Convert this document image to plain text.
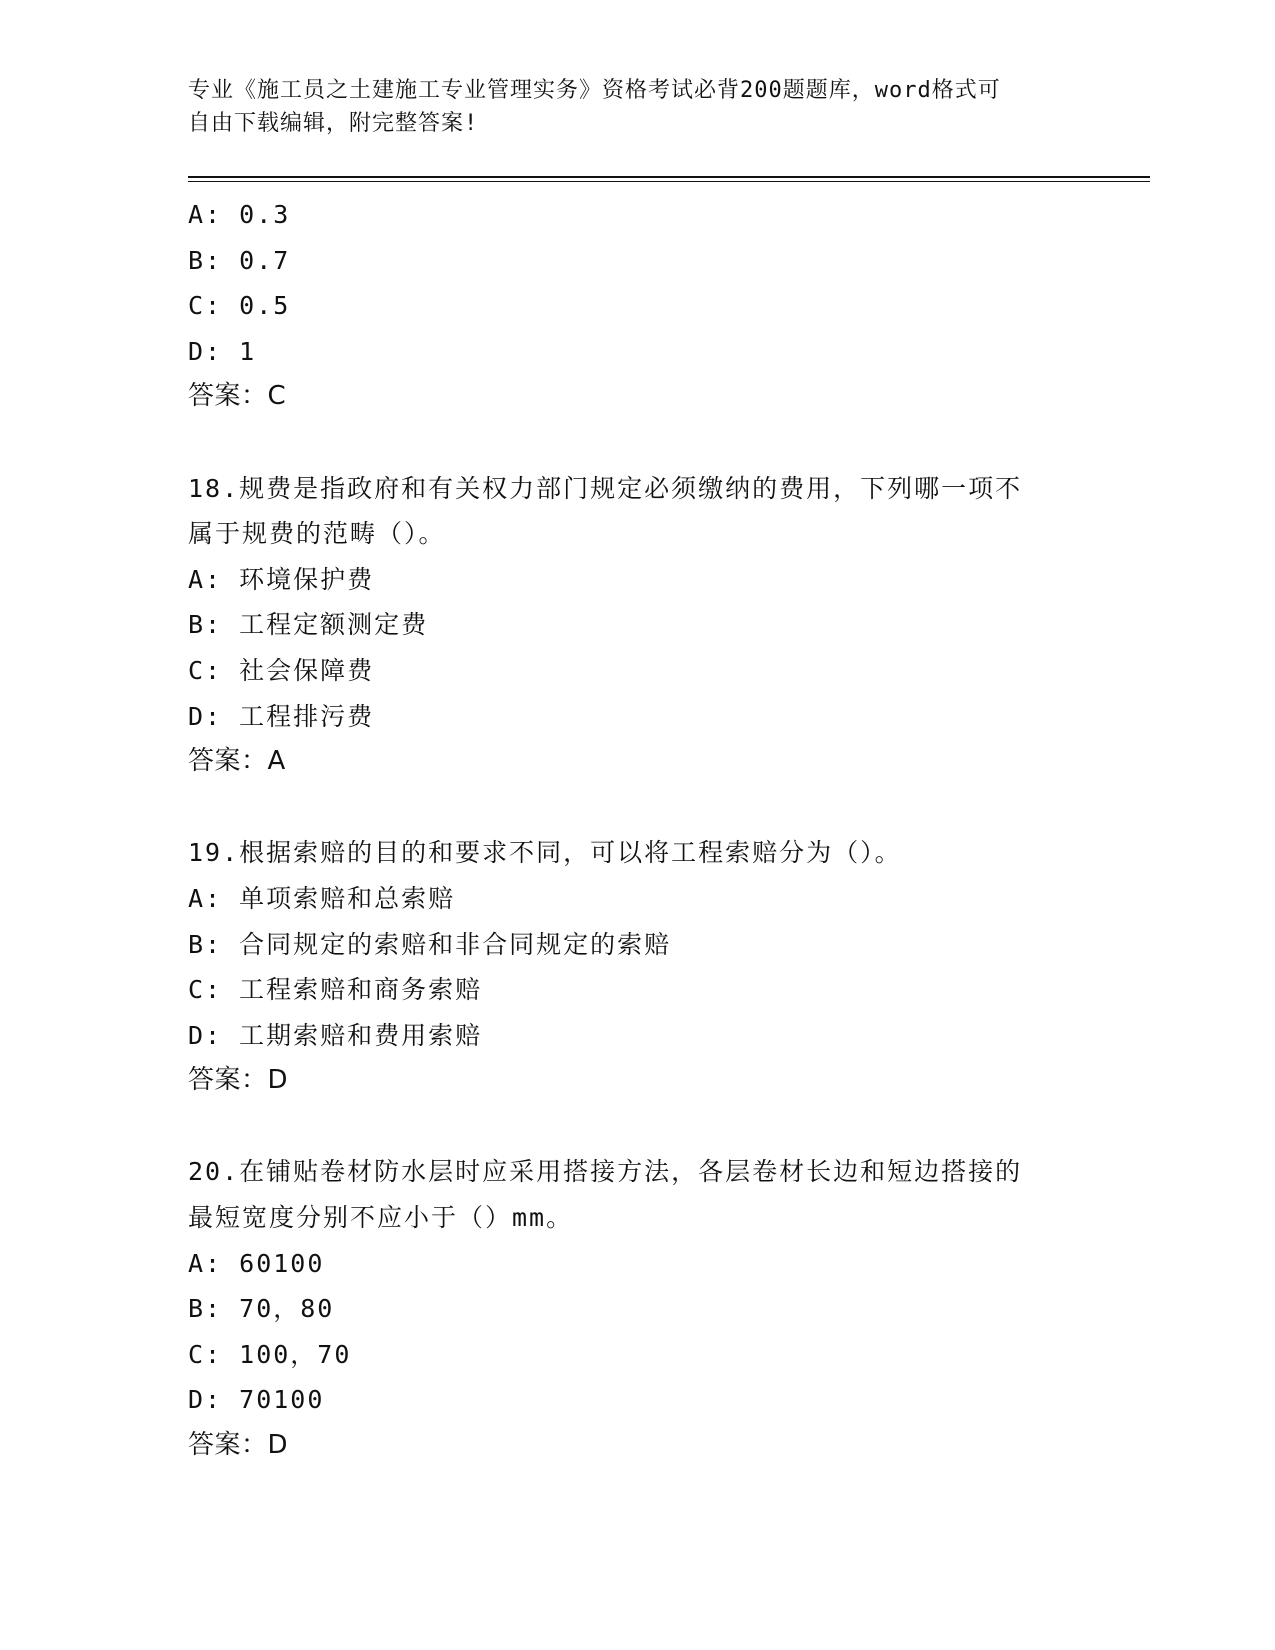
专业《施工员之土建施工专业管理实务》资格考试必背200题题库，word格式可
自由下载编辑，附完整答案!
A: 0.3
B: 0.7
C: 0.5
D: 1
答案：C
18.规费是指政府和有关权力部门规定必须缴纳的费用，下列哪一项不
属于规费的范畴（）。
A: 环境保护费
B: 工程定额测定费
C: 社会保障费
D: 工程排污费
答案：A
19.根据索赔的目的和要求不同，可以将工程索赔分为（）。
A: 单项索赔和总索赔
B: 合同规定的索赔和非合同规定的索赔
C: 工程索赔和商务索赔
D: 工期索赔和费用索赔
答案：D
20.在铺贴卷材防水层时应采用搭接方法，各层卷材长边和短边搭接的
最短宽度分别不应小于（）mm。
A: 60100
B: 70，80
C: 100，70
D: 70100
答案：D
